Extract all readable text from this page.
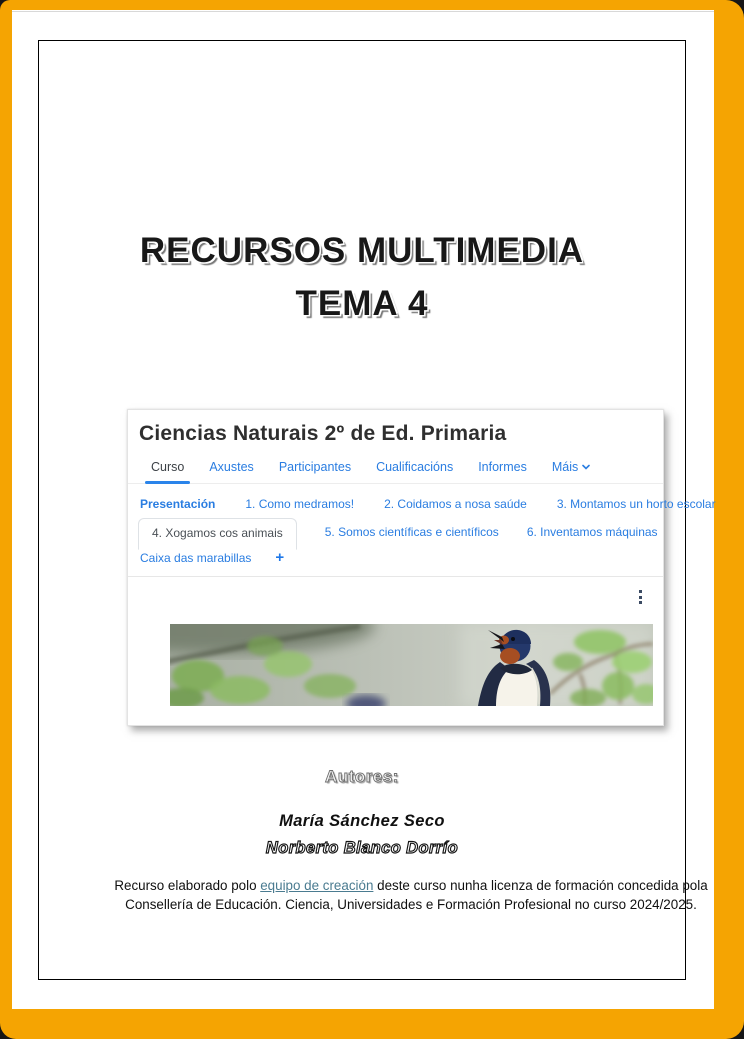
RECURSOS MULTIMEDIA
TEMA 4
Ciencias Naturais 2º de Ed. Primaria
Curso Axustes Participantes Cualificacións Informes Máis
Presentación	1. Como medramos!	2. Coidamos a nosa saúde	3. Montamos un horto escolar
4. Xogamos cos animais	5. Somos científicas e científicos 6. Inventamos máquinas
Caixa das marabillas +
Autores:
María Sánchez Seco
Norberto Blanco Dorrío
Recurso elaborado polo equipo de creación deste curso nunha licenza de formación concedida pola Consellería de Educación. Ciencia, Universidades e Formación Profesional no curso 2024/2025.
